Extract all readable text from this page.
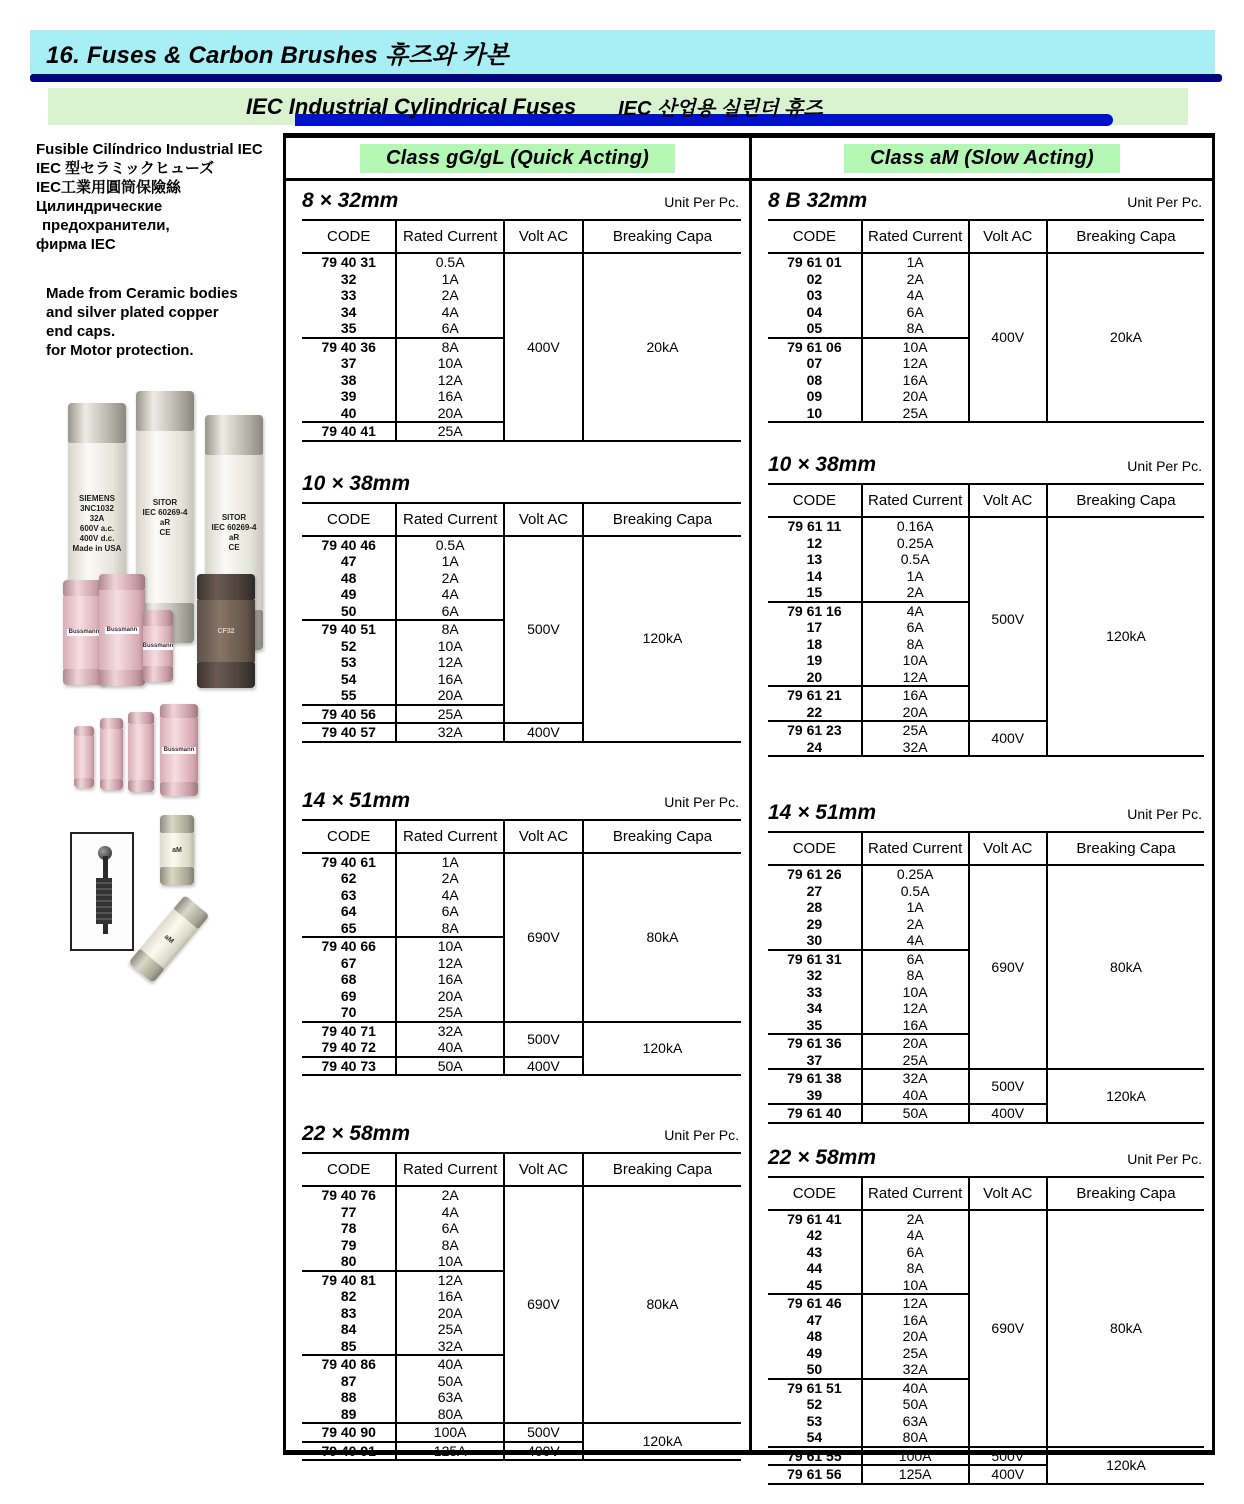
16. Fuses & Carbon Brushes 휴즈와 카본
IEC Industrial Cylindrical Fuses IEC 산업용 실린더 휴즈
Fusible Cilíndrico Industrial IEC
IEC 型セラミックヒューズ
IEC工業用圓筒保險絲
Цилиндрические
предохранители,
фирма IEC
Made from Ceramic bodies
and silver plated copper
end caps.
for Motor protection.
SIEMENS
3NC1032
32A
600V a.c.
400V d.c.
Made in USA
SITOR
IEC 60269-4
aR
CE
SITOR
IEC 60269-4
aR
CE
Bussmann	Bussmann
Bussmann
CF32
Bussmann
aM
aM
Class gG/gL (Quick Acting)
8 × 32mm	Unit Per Pc.
CODE	Rated Current	Volt AC	Breaking Capa
79 40 31	0.5A	400V	20kA
32	1A		
33	2A		
34	4A		
35	6A		
79 40 36	8A		
37	10A		
38	12A		
39	16A		
40	20A		
79 40 41	25A		
10 × 38mm
CODE	Rated Current	Volt AC	Breaking Capa
79 40 46	0.5A	500V	120kA
47	1A		
48	2A		
49	4A		
50	6A		
79 40 51	8A		
52	10A		
53	12A		
54	16A		
55	20A		
79 40 56	25A		
79 40 57	32A	400V	
14 × 51mm	Unit Per Pc.
CODE	Rated Current	Volt AC	Breaking Capa
79 40 61	1A	690V	80kA
62	2A		
63	4A		
64	6A		
65	8A		
79 40 66	10A		
67	12A		
68	16A		
69	20A		
70	25A		
79 40 71	32A	500V	120kA
79 40 72	40A		
79 40 73	50A	400V	
22 × 58mm	Unit Per Pc.
CODE	Rated Current	Volt AC	Breaking Capa
79 40 76	2A	690V	80kA
77	4A		
78	6A		
79	8A		
80	10A		
79 40 81	12A		
82	16A		
83	20A		
84	25A		
85	32A		
79 40 86	40A		
87	50A		
88	63A		
89	80A		
79 40 90	100A	500V	120kA
79 40 91	125A	400V	
Class aM (Slow Acting)
8 B 32mm	Unit Per Pc.
CODE	Rated Current	Volt AC	Breaking Capa
79 61 01	1A	400V	20kA
02	2A		
03	4A		
04	6A		
05	8A		
79 61 06	10A		
07	12A		
08	16A		
09	20A		
10	25A		
10 × 38mm	Unit Per Pc.
CODE	Rated Current	Volt AC	Breaking Capa
79 61 11	0.16A	500V	120kA
12	0.25A		
13	0.5A		
14	1A		
15	2A		
79 61 16	4A		
17	6A		
18	8A		
19	10A		
20	12A		
79 61 21	16A		
22	20A		
79 61 23	25A	400V	
24	32A		
14 × 51mm	Unit Per Pc.
CODE	Rated Current	Volt AC	Breaking Capa
79 61 26	0.25A	690V	80kA
27	0.5A		
28	1A		
29	2A		
30	4A		
79 61 31	6A		
32	8A		
33	10A		
34	12A		
35	16A		
79 61 36	20A		
37	25A		
79 61 38	32A	500V	120kA
39	40A		
79 61 40	50A	400V	
22 × 58mm	Unit Per Pc.
CODE	Rated Current	Volt AC	Breaking Capa
79 61 41	2A	690V	80kA
42	4A		
43	6A		
44	8A		
45	10A		
79 61 46	12A		
47	16A		
48	20A		
49	25A		
50	32A		
79 61 51	40A		
52	50A		
53	63A		
54	80A		
79 61 55	100A	500V	120kA
79 61 56	125A	400V	
